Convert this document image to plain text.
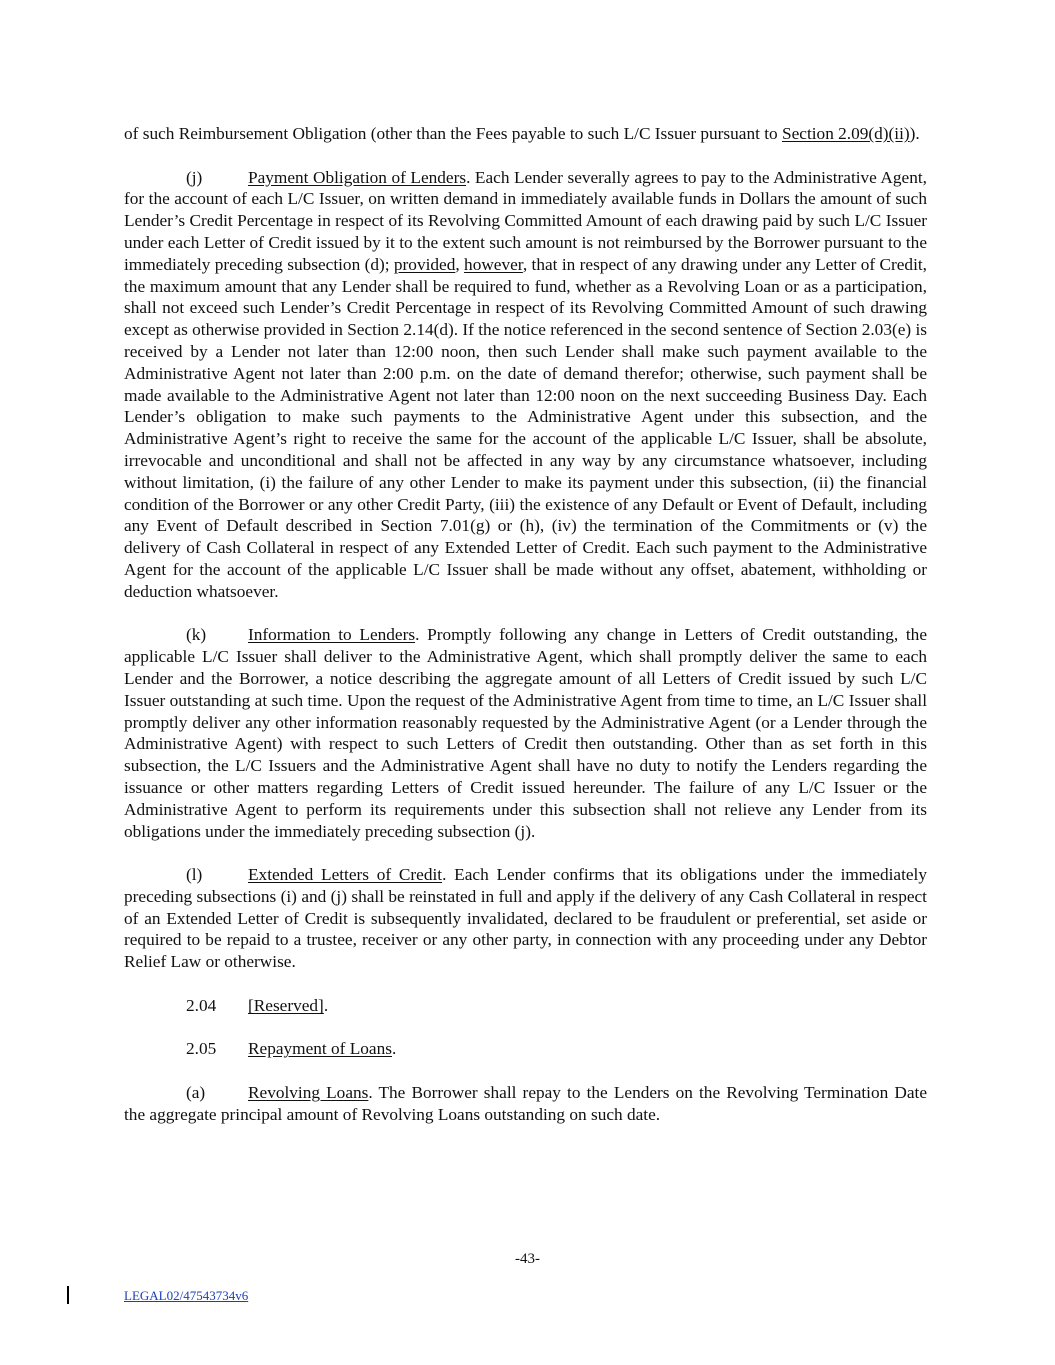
of such Reimbursement Obligation (other than the Fees payable to such L/C Issuer pursuant to Section 2.09(d)(ii)).

(j)	Payment Obligation of Lenders. Each Lender severally agrees to pay to the Administrative Agent, for the account of each L/C Issuer, on written demand in immediately available funds in Dollars the amount of such Lender’s Credit Percentage in respect of its Revolving Committed Amount of each drawing paid by such L/C Issuer under each Letter of Credit issued by it to the extent such amount is not reimbursed by the Borrower pursuant to the immediately preceding subsection (d); provided, however, that in respect of any drawing under any Letter of Credit, the maximum amount that any Lender shall be required to fund, whether as a Revolving Loan or as a participation, shall not exceed such Lender’s Credit Percentage in respect of its Revolving Committed Amount of such drawing except as otherwise provided in Section 2.14(d). If the notice referenced in the second sentence of Section 2.03(e) is received by a Lender not later than 12:00 noon, then such Lender shall make such payment available to the Administrative Agent not later than 2:00 p.m. on the date of demand therefor; otherwise, such payment shall be made available to the Administrative Agent not later than 12:00 noon on the next succeeding Business Day. Each Lender’s obligation to make such payments to the Administrative Agent under this subsection, and the Administrative Agent’s right to receive the same for the account of the applicable L/C Issuer, shall be absolute, irrevocable and unconditional and shall not be affected in any way by any circumstance whatsoever, including without limitation, (i) the failure of any other Lender to make its payment under this subsection, (ii) the financial condition of the Borrower or any other Credit Party, (iii) the existence of any Default or Event of Default, including any Event of Default described in Section 7.01(g) or (h), (iv) the termination of the Commitments or (v) the delivery of Cash Collateral in respect of any Extended Letter of Credit. Each such payment to the Administrative Agent for the account of the applicable L/C Issuer shall be made without any offset, abatement, withholding or deduction whatsoever.

(k) Information to Lenders. Promptly following any change in Letters of Credit outstanding, the applicable L/C Issuer shall deliver to the Administrative Agent, which shall promptly deliver the same to each Lender and the Borrower, a notice describing the aggregate amount of all Letters of Credit issued by such L/C Issuer outstanding at such time. Upon the request of the Administrative Agent from time to time, an L/C Issuer shall promptly deliver any other information reasonably requested by the Administrative Agent (or a Lender through the Administrative Agent) with respect to such Letters of Credit then outstanding. Other than as set forth in this subsection, the L/C Issuers and the Administrative Agent shall have no duty to notify the Lenders regarding the issuance or other matters regarding Letters of Credit issued hereunder. The failure of any L/C Issuer or the Administrative Agent to perform its requirements under this subsection shall not relieve any Lender from its obligations under the immediately preceding subsection (j).

(l)	Extended Letters of Credit. Each Lender confirms that its obligations under the immediately preceding subsections (i) and (j) shall be reinstated in full and apply if the delivery of any Cash Collateral in respect of an Extended Letter of Credit is subsequently invalidated, declared to be fraudulent or preferential, set aside or required to be repaid to a trustee, receiver or any other party, in connection with any proceeding under any Debtor Relief Law or otherwise.

2.04 [Reserved].
2.05 Repayment of Loans.

(a) Revolving Loans. The Borrower shall repay to the Lenders on the Revolving Termination Date the aggregate principal amount of Revolving Loans outstanding on such date.

-43-
LEGAL02/47543734v6
